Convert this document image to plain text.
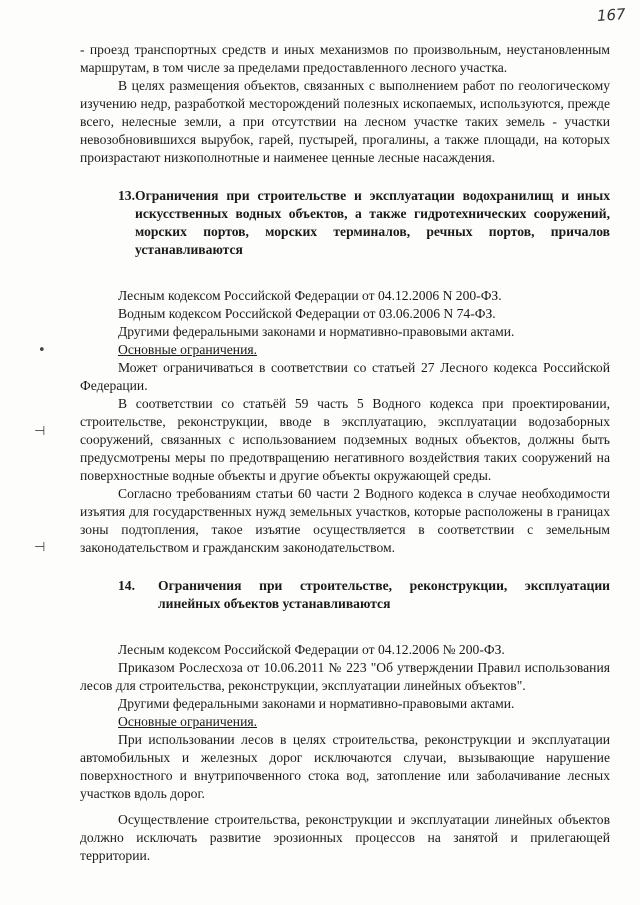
167
•
⊣
⊣

- проезд транспортных средств и иных механизмов по произвольным, неустановленным маршрутам, в том числе за пределами предоставленного лесного участка.

В целях размещения объектов, связанных с выполнением работ по геологическому изучению недр, разработкой месторождений полезных ископаемых, используются, прежде всего, нелесные земли, а при отсутствии на лесном участке таких земель - участки невозобновившихся вырубок, гарей, пустырей, прогалины, а также площади, на которых произрастают низкополнотные и наименее ценные лесные насаждения.

13. Ограничения при строительстве и эксплуатации водохранилищ и иных искусственных водных объектов, а также гидротехнических сооружений, морских портов, морских терминалов, речных портов, причалов устанавливаются

Лесным кодексом Российской Федерации от 04.12.2006 N 200-ФЗ.

Водным кодексом Российской Федерации от 03.06.2006 N 74-ФЗ.

Другими федеральными законами и нормативно-правовыми актами.

Основные ограничения.

Может ограничиваться в соответствии со статьей 27 Лесного кодекса Российской Федерации.

В соответствии со статьёй 59 часть 5 Водного кодекса при проектировании, строительстве, реконструкции, вводе в эксплуатацию, эксплуатации водозаборных сооружений, связанных с использованием подземных водных объектов, должны быть предусмотрены меры по предотвращению негативного воздействия таких сооружений на поверхностные водные объекты и другие объекты окружающей среды.

Согласно требованиям статьи 60 части 2 Водного кодекса в случае необходимости изъятия для государственных нужд земельных участков, которые расположены в границах зоны подтопления, такое изъятие осуществляется в соответствии с земельным законодательством и гражданским законодательством.

14.	Ограничения при строительстве, реконструкции, эксплуатации линейных объектов устанавливаются

Лесным кодексом Российской Федерации от 04.12.2006 № 200-ФЗ.

Приказом Рослесхоза от 10.06.2011 № 223 "Об утверждении Правил использования лесов для строительства, реконструкции, эксплуатации линейных объектов".

Другими федеральными законами и нормативно-правовыми актами.

Основные ограничения.

При использовании лесов в целях строительства, реконструкции и эксплуатации автомобильных и железных дорог исключаются случаи, вызывающие нарушение поверхностного и внутрипочвенного стока вод, затопление или заболачивание лесных участков вдоль дорог.

Осуществление строительства, реконструкции и эксплуатации линейных объектов должно исключать развитие эрозионных процессов на занятой и прилегающей территории.
